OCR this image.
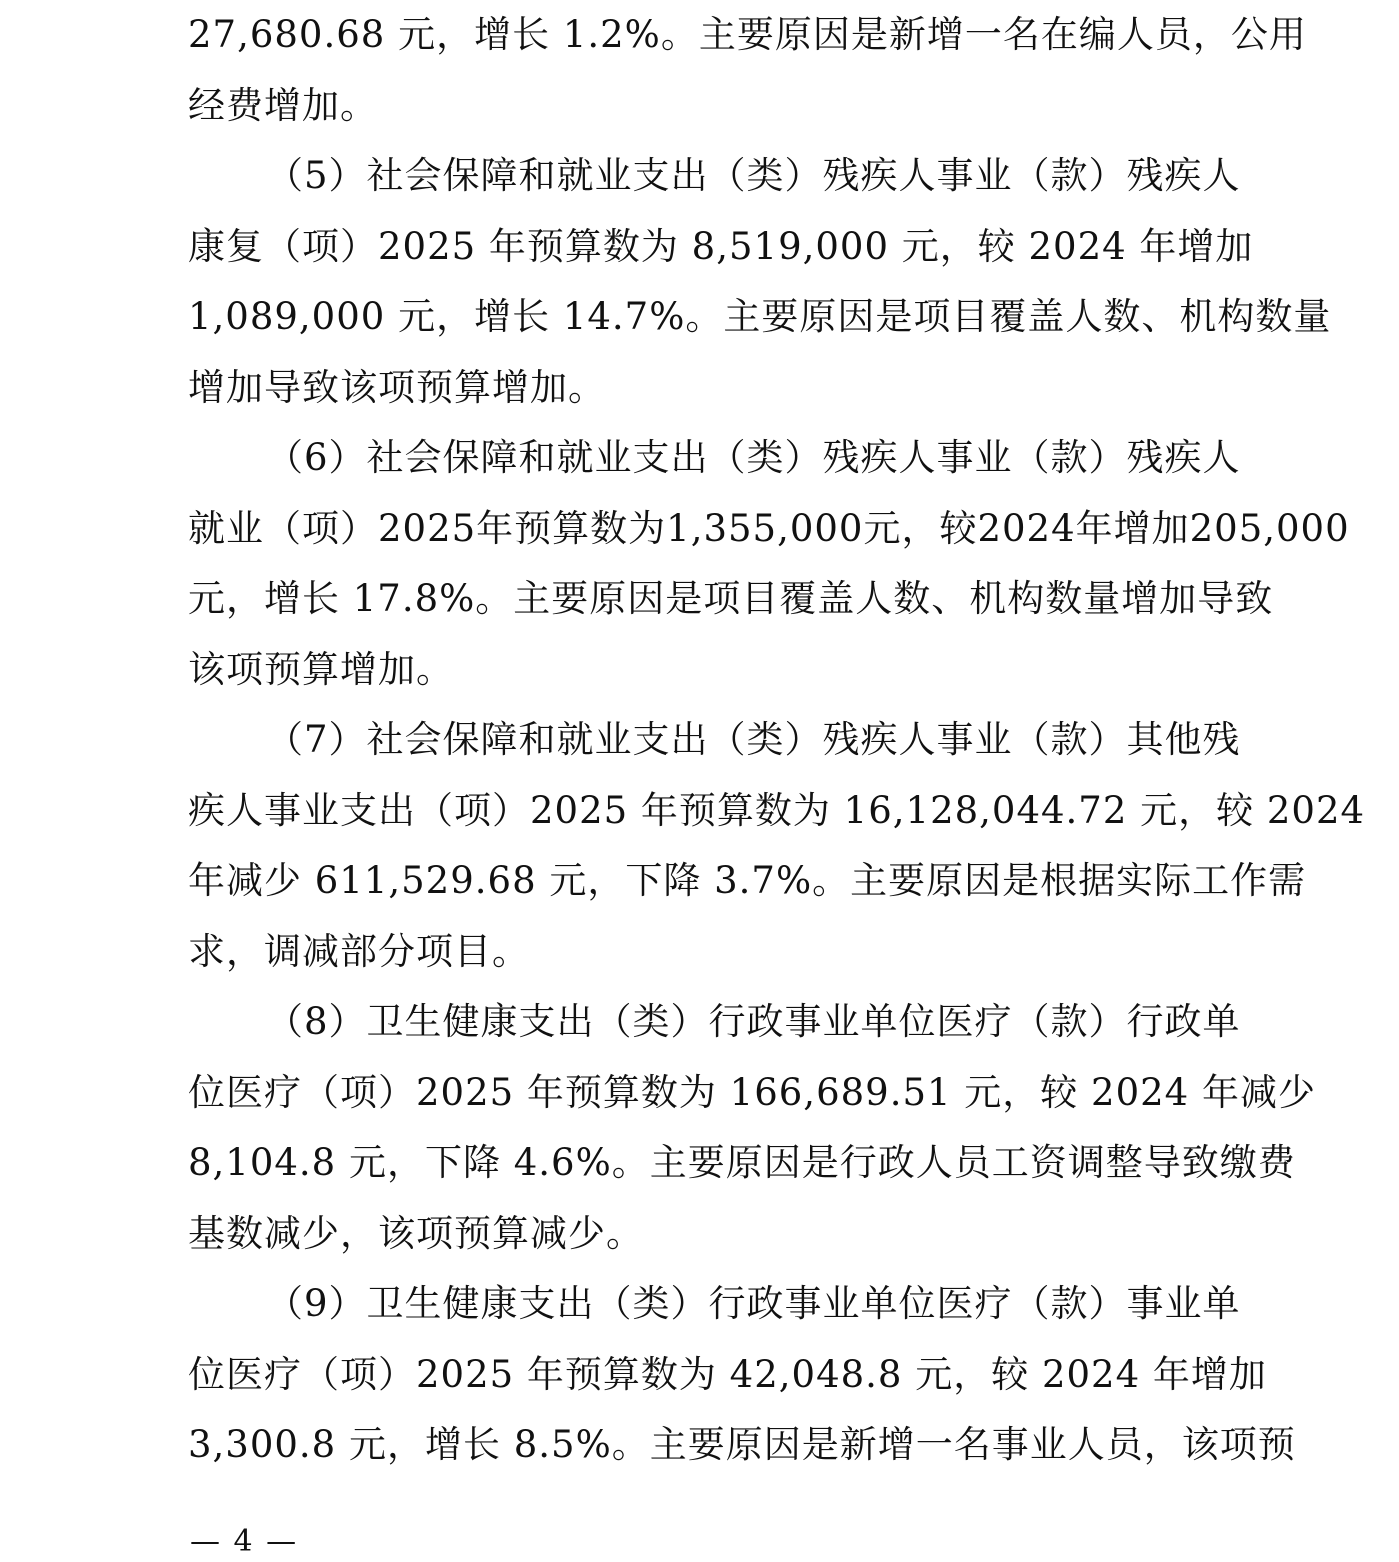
27,680.68 元，增长 1.2%。主要原因是新增一名在编人员，公用
经费增加。
（5）社会保障和就业支出（类）残疾人事业（款）残疾人
康复（项）2025 年预算数为 8,519,000 元，较 2024 年增加
1,089,000 元，增长 14.7%。主要原因是项目覆盖人数、机构数量
增加导致该项预算增加。
（6）社会保障和就业支出（类）残疾人事业（款）残疾人
就业（项）2025年预算数为1,355,000元，较2024年增加205,000
元，增长 17.8%。主要原因是项目覆盖人数、机构数量增加导致
该项预算增加。
（7）社会保障和就业支出（类）残疾人事业（款）其他残
疾人事业支出（项）2025 年预算数为 16,128,044.72 元，较 2024
年减少 611,529.68 元，下降 3.7%。主要原因是根据实际工作需
求，调减部分项目。
（8）卫生健康支出（类）行政事业单位医疗（款）行政单
位医疗（项）2025 年预算数为 166,689.51 元，较 2024 年减少
8,104.8 元，下降 4.6%。主要原因是行政人员工资调整导致缴费
基数减少，该项预算减少。
（9）卫生健康支出（类）行政事业单位医疗（款）事业单
位医疗（项）2025 年预算数为 42,048.8 元，较 2024 年增加
3,300.8 元，增长 8.5%。主要原因是新增一名事业人员，该项预
— 4 —
